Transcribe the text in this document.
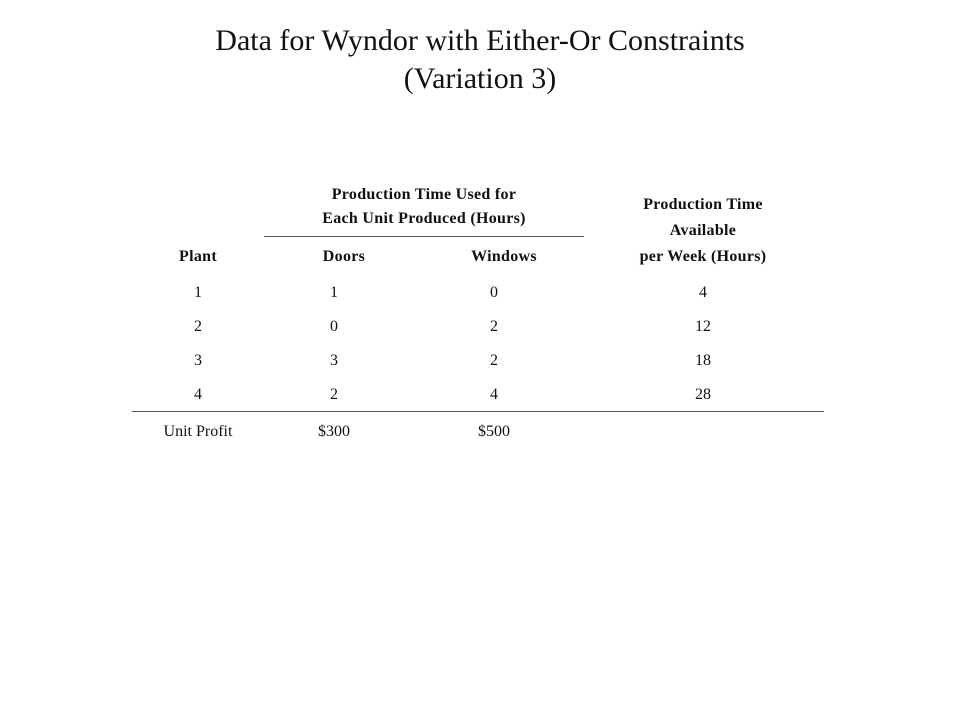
Data for Wyndor with Either-Or Constraints
(Variation 3)
Production Time Used for
Each Unit Produced (Hours)
Production Time
Available
per Week (Hours)
Plant	Doors	Windows
1	1	0	4
2	0	2	12
3	3	2	18
4	2	4	28
Unit Profit	$300	$500
